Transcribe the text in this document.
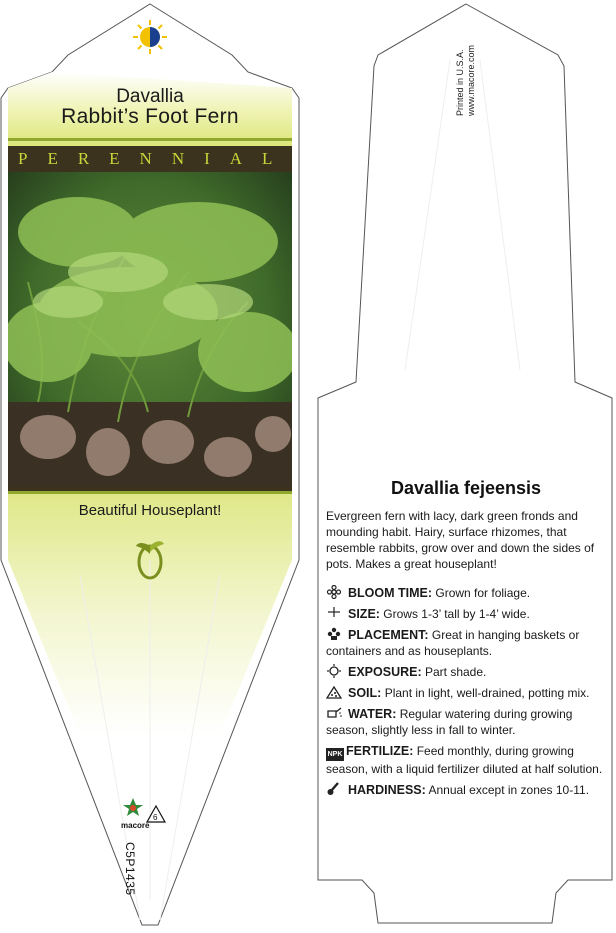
Davallia
Rabbit’s Foot Fern
PERENNIAL
Beautiful Houseplant!
macore
6
C5P1435
Printed in U.S.A. www.macore.com
Davallia fejeensis
Evergreen fern with lacy, dark green fronds and mounding habit. Hairy, surface rhizomes, that resemble rabbits, grow over and down the sides of pots. Makes a great houseplant!
BLOOM TIME: Grown for foliage.
SIZE: Grows 1-3’ tall by 1-4’ wide.
PLACEMENT: Great in hanging baskets or containers and as houseplants.
EXPOSURE: Part shade.
SOIL: Plant in light, well-drained, potting mix.
WATER: Regular watering during growing season, slightly less in fall to winter.
NPK FERTILIZE: Feed monthly, during growing season, with a liquid fertilizer diluted at half solution.
HARDINESS: Annual except in zones 10-11.
